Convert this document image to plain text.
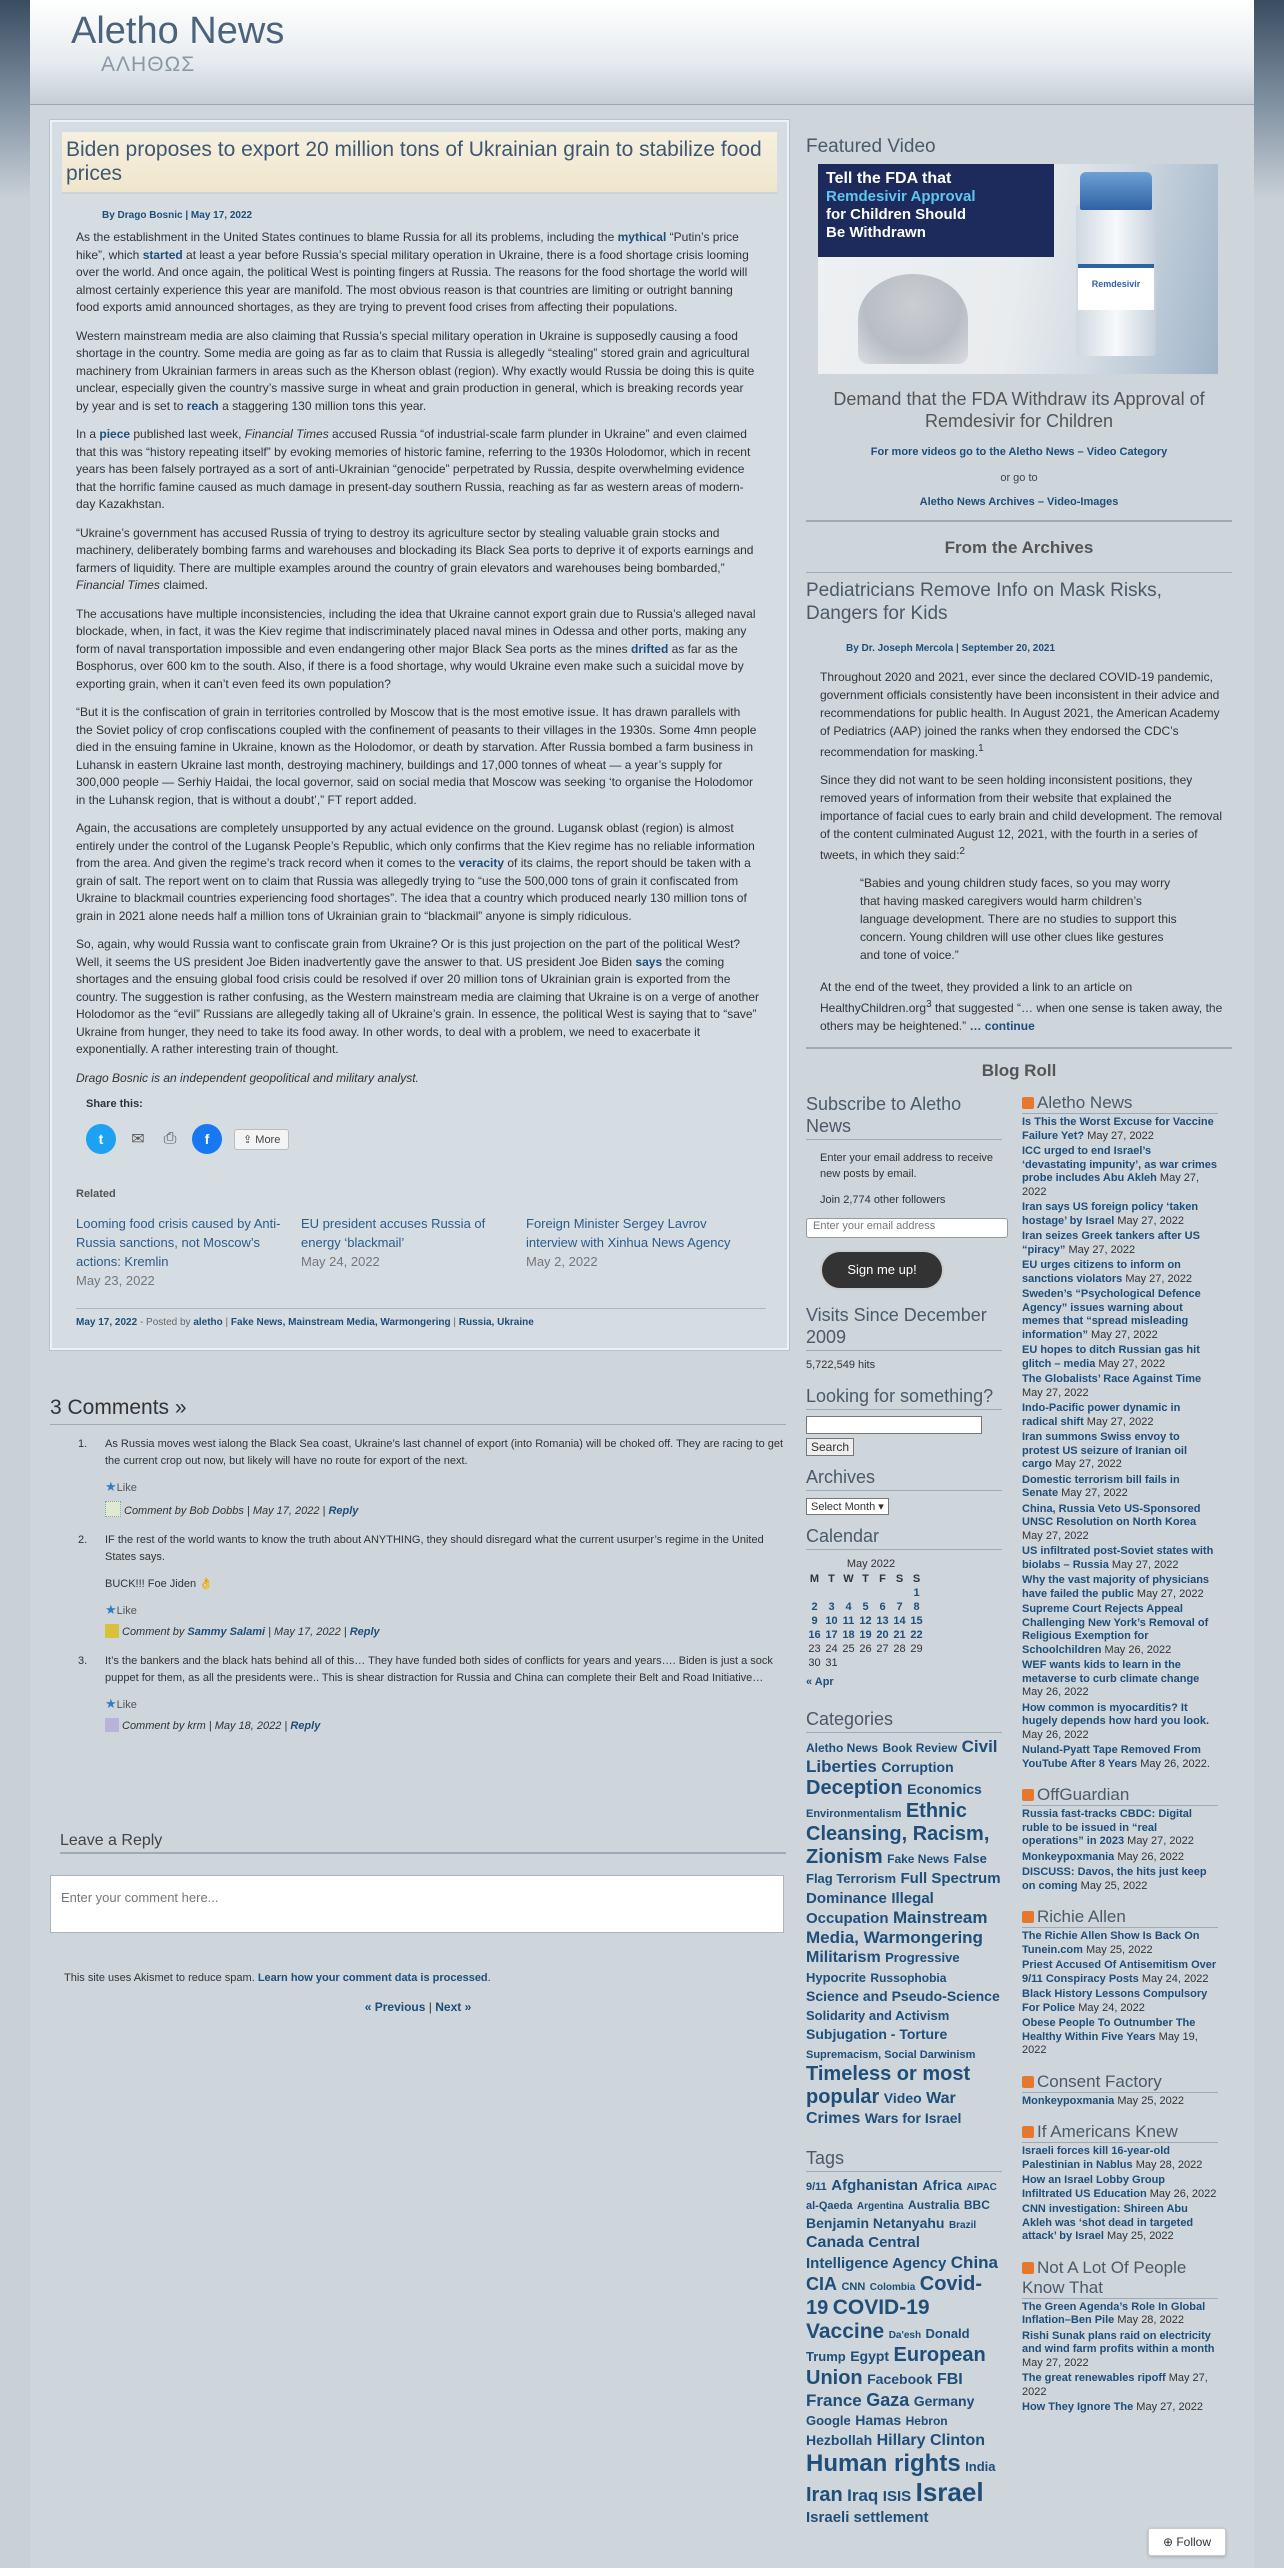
Aletho News
ΑΛΗΘΩΣ
Biden proposes to export 20 million tons of Ukrainian grain to stabilize food prices
By Drago Bosnic | May 17, 2022

As the establishment in the United States continues to blame Russia for all its problems, including the mythical “Putin’s price hike”, which started at least a year before Russia’s special military operation in Ukraine, there is a food shortage crisis looming over the world. And once again, the political West is pointing fingers at Russia. The reasons for the food shortage the world will almost certainly experience this year are manifold. The most obvious reason is that countries are limiting or outright banning food exports amid announced shortages, as they are trying to prevent food crises from affecting their populations.

Western mainstream media are also claiming that Russia’s special military operation in Ukraine is supposedly causing a food shortage in the country. Some media are going as far as to claim that Russia is allegedly “stealing” stored grain and agricultural machinery from Ukrainian farmers in areas such as the Kherson oblast (region). Why exactly would Russia be doing this is quite unclear, especially given the country’s massive surge in wheat and grain production in general, which is breaking records year by year and is set to reach a staggering 130 million tons this year.

In a piece published last week, Financial Times accused Russia “of industrial-scale farm plunder in Ukraine” and even claimed that this was “history repeating itself” by evoking memories of historic famine, referring to the 1930s Holodomor, which in recent years has been falsely portrayed as a sort of anti-Ukrainian “genocide” perpetrated by Russia, despite overwhelming evidence that the horrific famine caused as much damage in present-day southern Russia, reaching as far as western areas of modern-day Kazakhstan.

“Ukraine’s government has accused Russia of trying to destroy its agriculture sector by stealing valuable grain stocks and machinery, deliberately bombing farms and warehouses and blockading its Black Sea ports to deprive it of exports earnings and farmers of liquidity. There are multiple examples around the country of grain elevators and warehouses being bombarded,” Financial Times claimed.

The accusations have multiple inconsistencies, including the idea that Ukraine cannot export grain due to Russia’s alleged naval blockade, when, in fact, it was the Kiev regime that indiscriminately placed naval mines in Odessa and other ports, making any form of naval transportation impossible and even endangering other major Black Sea ports as the mines drifted as far as the Bosphorus, over 600 km to the south. Also, if there is a food shortage, why would Ukraine even make such a suicidal move by exporting grain, when it can’t even feed its own population?

“But it is the confiscation of grain in territories controlled by Moscow that is the most emotive issue. It has drawn parallels with the Soviet policy of crop confiscations coupled with the confinement of peasants to their villages in the 1930s. Some 4mn people died in the ensuing famine in Ukraine, known as the Holodomor, or death by starvation. After Russia bombed a farm business in Luhansk in eastern Ukraine last month, destroying machinery, buildings and 17,000 tonnes of wheat — a year’s supply for 300,000 people — Serhiy Haidai, the local governor, said on social media that Moscow was seeking ‘to organise the Holodomor in the Luhansk region, that is without a doubt’,” FT report added.

Again, the accusations are completely unsupported by any actual evidence on the ground. Lugansk oblast (region) is almost entirely under the control of the Lugansk People’s Republic, which only confirms that the Kiev regime has no reliable information from the area. And given the regime’s track record when it comes to the veracity of its claims, the report should be taken with a grain of salt. The report went on to claim that Russia was allegedly trying to “use the 500,000 tons of grain it confiscated from Ukraine to blackmail countries experiencing food shortages”. The idea that a country which produced nearly 130 million tons of grain in 2021 alone needs half a million tons of Ukrainian grain to “blackmail” anyone is simply ridiculous.

So, again, why would Russia want to confiscate grain from Ukraine? Or is this just projection on the part of the political West? Well, it seems the US president Joe Biden inadvertently gave the answer to that. US president Joe Biden says the coming shortages and the ensuing global food crisis could be resolved if over 20 million tons of Ukrainian grain is exported from the country. The suggestion is rather confusing, as the Western mainstream media are claiming that Ukraine is on a verge of another Holodomor as the “evil” Russians are allegedly taking all of Ukraine’s grain. In essence, the political West is saying that to “save” Ukraine from hunger, they need to take its food away. In other words, to deal with a problem, we need to exacerbate it exponentially. A rather interesting train of thought.

Drago Bosnic is an independent geopolitical and military analyst.

Share this:
t ✉ ⎙ f	⇪ More
Related
Looming food crisis caused by Anti-Russia sanctions, not Moscow’s actions: Kremlin
May 23, 2022
EU president accuses Russia of energy ‘blackmail’
May 24, 2022
Foreign Minister Sergey Lavrov interview with Xinhua News Agency
May 2, 2022
May 17, 2022 - Posted by aletho | Fake News, Mainstream Media, Warmongering | Russia, Ukraine
3 Comments »
1. As Russia moves west ialong the Black Sea coast, Ukraine’s last channel of export (into Romania) will be choked off. They are racing to get the current crop out now, but likely will have no route for export of the next.
★Like
Comment by Bob Dobbs | May 17, 2022 | Reply
2. IF the rest of the world wants to know the truth about ANYTHING, they should disregard what the current usurper’s regime in the United States says.
BUCK!!! Foe Jiden 👌
★Like
Comment by Sammy Salami | May 17, 2022 | Reply
3. It’s the bankers and the black hats behind all of this… They have funded both sides of conflicts for years and years…. Biden is just a sock puppet for them, as all the presidents were.. This is shear distraction for Russia and China can complete their Belt and Road Initiative…
★Like
Comment by krm | May 18, 2022 | Reply
Leave a Reply
Enter your comment here...
This site uses Akismet to reduce spam. Learn how your comment data is processed.
« Previous | Next »
Featured Video
Tell the FDA that
Remdesivir Approval
for Children Should
Be Withdrawn
Remdesivir
Demand that the FDA Withdraw its Approval of Remdesivir for Children
For more videos go to the Aletho News – Video Category
or go to
Aletho News Archives – Video-Images
From the Archives
Pediatricians Remove Info on Mask Risks, Dangers for Kids
By Dr. Joseph Mercola | September 20, 2021

Throughout 2020 and 2021, ever since the declared COVID-19 pandemic, government officials consistently have been inconsistent in their advice and recommendations for public health. In August 2021, the American Academy of Pediatrics (AAP) joined the ranks when they endorsed the CDC’s recommendation for masking.$^1$

Since they did not want to be seen holding inconsistent positions, they removed years of information from their website that explained the importance of facial cues to early brain and child development. The removal of the content culminated August 12, 2021, with the fourth in a series of tweets, in which they said:$^2$

“Babies and young children study faces, so you may worry that having masked caregivers would harm children’s language development. There are no studies to support this concern. Young children will use other clues like gestures and tone of voice.”

At the end of the tweet, they provided a link to an article on HealthyChildren.org$^3$ that suggested “… when one sense is taken away, the others may be heightened.” … continue

Blog Roll
Subscribe to Aletho News
Enter your email address to receive new posts by email.
Join 2,774 other followers
Enter your email address
Sign me up!
Visits Since December 2009
5,722,549 hits
Looking for something?
Search
Archives
Select Month ▾
Calendar
May 2022
M	T	W	T	F	S	S
						1
2	3	4	5	6	7	8
9	10	11	12	13	14	15
16	17	18	19	20	21	22
23	24	25	26	27	28	29
30	31					
« Apr
Categories
Aletho News Book Review Civil Liberties Corruption Deception Economics Environmentalism Ethnic Cleansing, Racism, Zionism Fake News False Flag Terrorism Full Spectrum Dominance Illegal Occupation Mainstream Media, Warmongering Militarism Progressive Hypocrite Russophobia Science and Pseudo-Science Solidarity and Activism Subjugation - Torture Supremacism, Social Darwinism Timeless or most popular Video War Crimes Wars for Israel
Tags
9/11 Afghanistan Africa AIPAC al-Qaeda Argentina Australia BBC Benjamin Netanyahu Brazil Canada Central Intelligence Agency China CIA CNN Colombia Covid-19 COVID-19 Vaccine Da'esh Donald Trump Egypt European Union Facebook FBI France Gaza Germany Google Hamas Hebron Hezbollah Hillary Clinton Human rights India Iran Iraq ISIS Israel Israeli settlement
Aletho News
Is This the Worst Excuse for Vaccine Failure Yet? May 27, 2022
ICC urged to end Israel’s ‘devastating impunity’, as war crimes probe includes Abu Akleh May 27, 2022
Iran says US foreign policy ‘taken hostage’ by Israel May 27, 2022
Iran seizes Greek tankers after US “piracy” May 27, 2022
EU urges citizens to inform on sanctions violators May 27, 2022
Sweden’s “Psychological Defence Agency” issues warning about memes that “spread misleading information” May 27, 2022
EU hopes to ditch Russian gas hit glitch – media May 27, 2022
The Globalists’ Race Against Time May 27, 2022
Indo-Pacific power dynamic in radical shift May 27, 2022
Iran summons Swiss envoy to protest US seizure of Iranian oil cargo May 27, 2022
Domestic terrorism bill fails in Senate May 27, 2022
China, Russia Veto US-Sponsored UNSC Resolution on North Korea May 27, 2022
US infiltrated post-Soviet states with biolabs – Russia May 27, 2022
Why the vast majority of physicians have failed the public May 27, 2022
Supreme Court Rejects Appeal Challenging New York’s Removal of Religious Exemption for Schoolchildren May 26, 2022
WEF wants kids to learn in the metaverse to curb climate change May 26, 2022
How common is myocarditis? It hugely depends how hard you look. May 26, 2022
Nuland-Pyatt Tape Removed From YouTube After 8 Years May 26, 2022.
OffGuardian
Russia fast-tracks CBDC: Digital ruble to be issued in “real operations” in 2023 May 27, 2022
Monkeypoxmania May 26, 2022
DISCUSS: Davos, the hits just keep on coming May 25, 2022
Richie Allen
The Richie Allen Show Is Back On Tunein.com May 25, 2022
Priest Accused Of Antisemitism Over 9/11 Conspiracy Posts May 24, 2022
Black History Lessons Compulsory For Police May 24, 2022
Obese People To Outnumber The Healthy Within Five Years May 19, 2022
Consent Factory
Monkeypoxmania May 25, 2022
If Americans Knew
Israeli forces kill 16-year-old Palestinian in Nablus May 28, 2022
How an Israel Lobby Group Infiltrated US Education May 26, 2022
CNN investigation: Shireen Abu Akleh was ‘shot dead in targeted attack’ by Israel May 25, 2022
Not A Lot Of People Know That
The Green Agenda’s Role In Global Inflation–Ben Pile May 28, 2022
Rishi Sunak plans raid on electricity and wind farm profits within a month May 27, 2022
The great renewables ripoff May 27, 2022
How They Ignore The May 27, 2022
⊕ Follow
